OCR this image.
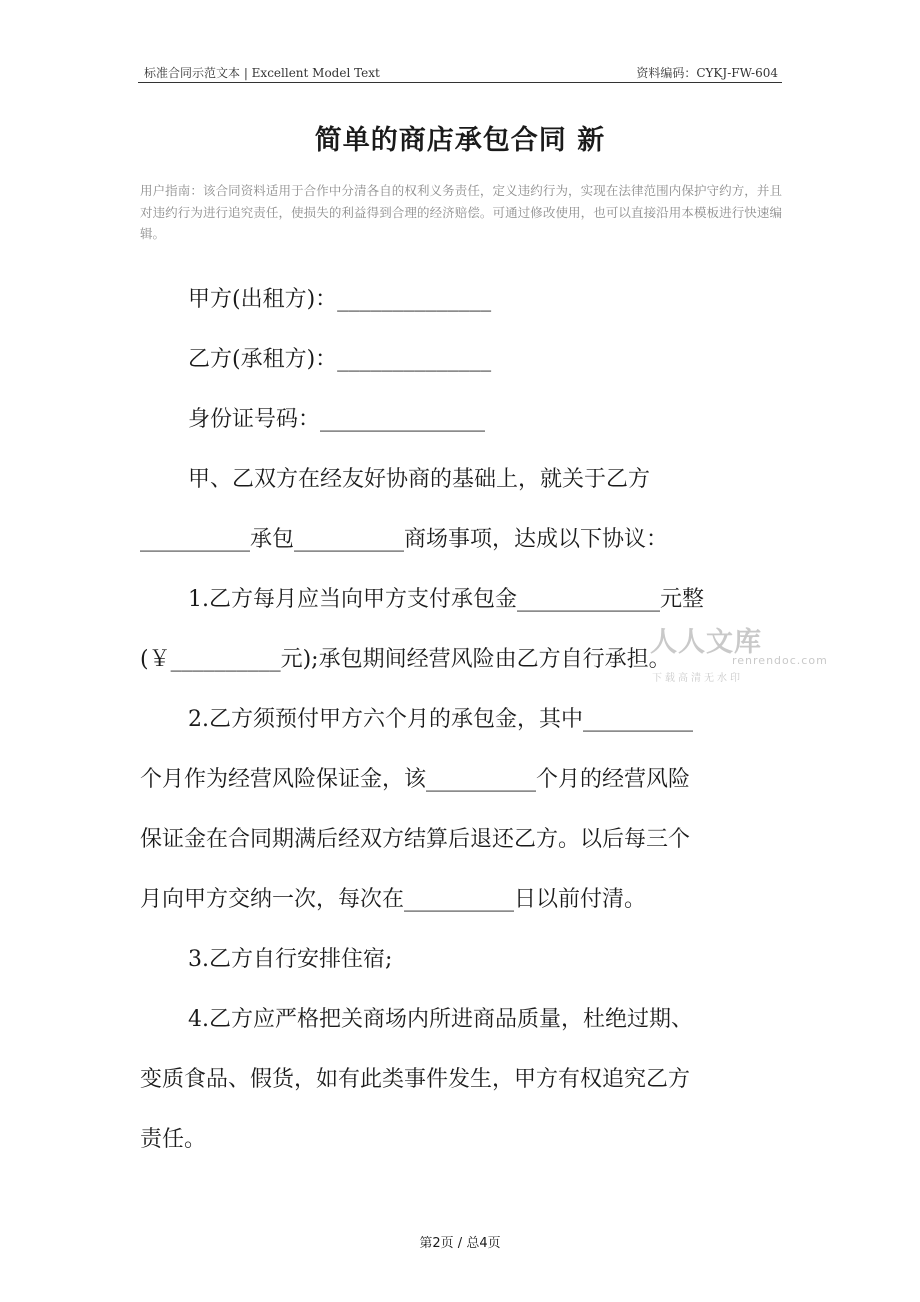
标准合同示范文本 | Excellent Model Text	资料编码：CYKJ-FW-604
简单的商店承包合同 新
用户指南：该合同资料适用于合作中分清各自的权利义务责任，定义违约行为，实现在法律范围内保护守约方，并且对违约行为进行追究责任，使损失的利益得到合理的经济赔偿。可通过修改使用，也可以直接沿用本模板进行快速编辑。
甲方(出租方)：______________
乙方(承租方)：______________
身份证号码：_______________
甲、乙双方在经友好协商的基础上，就关于乙方
__________承包__________商场事项，达成以下协议：
1.乙方每月应当向甲方支付承包金_____________元整
(￥__________元);承包期间经营风险由乙方自行承担。
2.乙方须预付甲方六个月的承包金，其中__________
个月作为经营风险保证金，该__________个月的经营风险
保证金在合同期满后经双方结算后退还乙方。以后每三个
月向甲方交纳一次，每次在__________日以前付清。
3.乙方自行安排住宿;
4.乙方应严格把关商场内所进商品质量，杜绝过期、
变质食品、假货，如有此类事件发生，甲方有权追究乙方
责任。
人人文库
renrendoc.com
下载高清无水印
第2页 / 总4页
